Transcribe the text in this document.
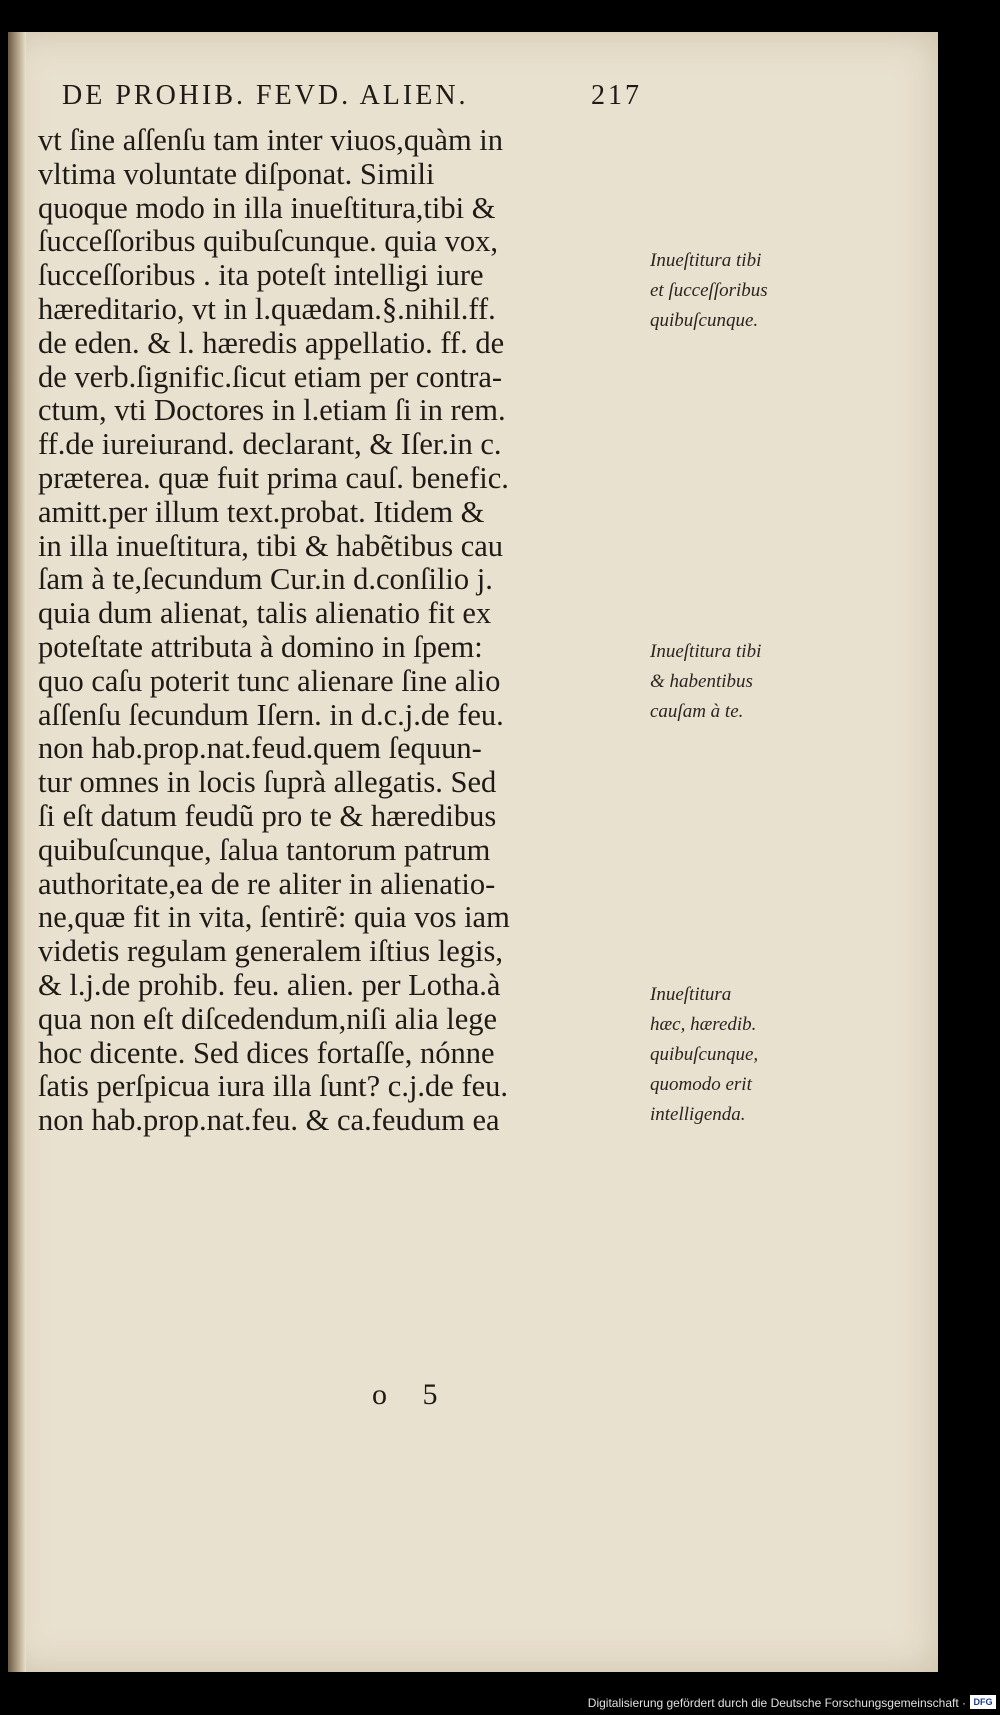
DE PROHIB. FEVD. ALIEN.	217
vt ſine aſſenſu tam inter viuos,quàm in
vltima voluntate diſponat. Simili
quoque modo in illa inueſtitura,tibi &
ſucceſſoribus quibuſcunque. quia vox,
ſucceſſoribus . ita poteſt intelligi iure
hæreditario, vt in l.quædam.§.nihil.ff.
de eden. & l. hæredis appellatio. ff. de
de verb.ſignific.ſicut etiam per contra-
ctum, vti Doctores in l.etiam ſi in rem.
ff.de iureiurand. declarant, & Iſer.in c.
præterea. quæ fuit prima cauſ. benefic.
amitt.per illum text.probat. Itidem &
in illa inueſtitura, tibi & habẽtibus cau
ſam à te,ſecundum Cur.in d.conſilio j.
quia dum alienat, talis alienatio fit ex
poteſtate attributa à domino in ſpem:
quo caſu poterit tunc alienare ſine alio
aſſenſu ſecundum Iſern. in d.c.j.de feu.
non hab.prop.nat.feud.quem ſequun-
tur omnes in locis ſuprà allegatis. Sed
ſi eſt datum feudũ pro te & hæredibus
quibuſcunque, ſalua tantorum patrum
authoritate,ea de re aliter in alienatio-
ne,quæ fit in vita, ſentirẽ: quia vos iam
videtis regulam generalem iſtius legis,
& l.j.de prohib. feu. alien. per Lotha.à
qua non eſt diſcedendum,niſi alia lege
hoc dicente. Sed dices fortaſſe, nónne
ſatis perſpicua iura illa ſunt? c.j.de feu.
non hab.prop.nat.feu. & ca.feudum ea
Inueſtitura tibi
et ſucceſſoribus
quibuſcunque.
Inueſtitura tibi
& habentibus
cauſam à te.
Inueſtitura
hæc, hæredib.
quibuſcunque,
quomodo erit
intelligenda.
o 5
Digitalisierung gefördert durch die Deutsche Forschungsgemeinschaft · DFG
